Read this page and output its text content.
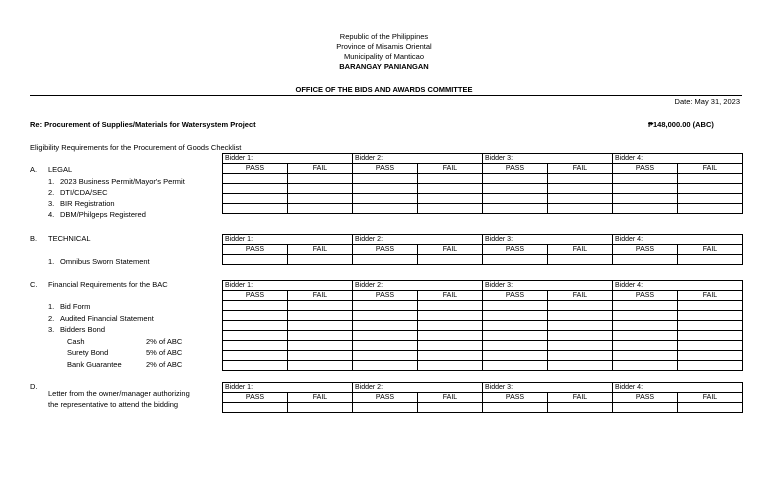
Republic of the Philippines
Province of Misamis Oriental
Municipality of Manticao
BARANGAY PANIANGAN
OFFICE OF THE BIDS AND AWARDS COMMITTEE
Date: May 31, 2023
Re: Procurement of Supplies/Materials for Watersystem Project	₱148,000.00 (ABC)
Eligibility Requirements for the Procurement of Goods Checklist
A. LEGAL
1. 2023 Business Permit/Mayor's Permit
2. DTI/CDA/SEC
3. BIR Registration
4. DBM/Philgeps Registered
Bidder 1:		Bidder 2:		Bidder 3:		Bidder 4:	
PASS	FAIL	PASS	FAIL	PASS	FAIL	PASS	FAIL

B. TECHNICAL
1. Omnibus Sworn Statement
Bidder 1:		Bidder 2:		Bidder 3:		Bidder 4:	
PASS	FAIL	PASS	FAIL	PASS	FAIL	PASS	FAIL

C. Financial Requirements for the BAC
1. Bid Form
2. Audited Financial Statement
3. Bidders Bond
Cash	2% of ABC
Surety Bond	5% of ABC
Bank Guarantee	2% of ABC
Bidder 1:		Bidder 2:		Bidder 3:		Bidder 4:	
PASS	FAIL	PASS	FAIL	PASS	FAIL	PASS	FAIL

D.
Letter from the owner/manager authorizing
the representative to attend the bidding
Bidder 1:		Bidder 2:		Bidder 3:		Bidder 4:	
PASS	FAIL	PASS	FAIL	PASS	FAIL	PASS	FAIL
